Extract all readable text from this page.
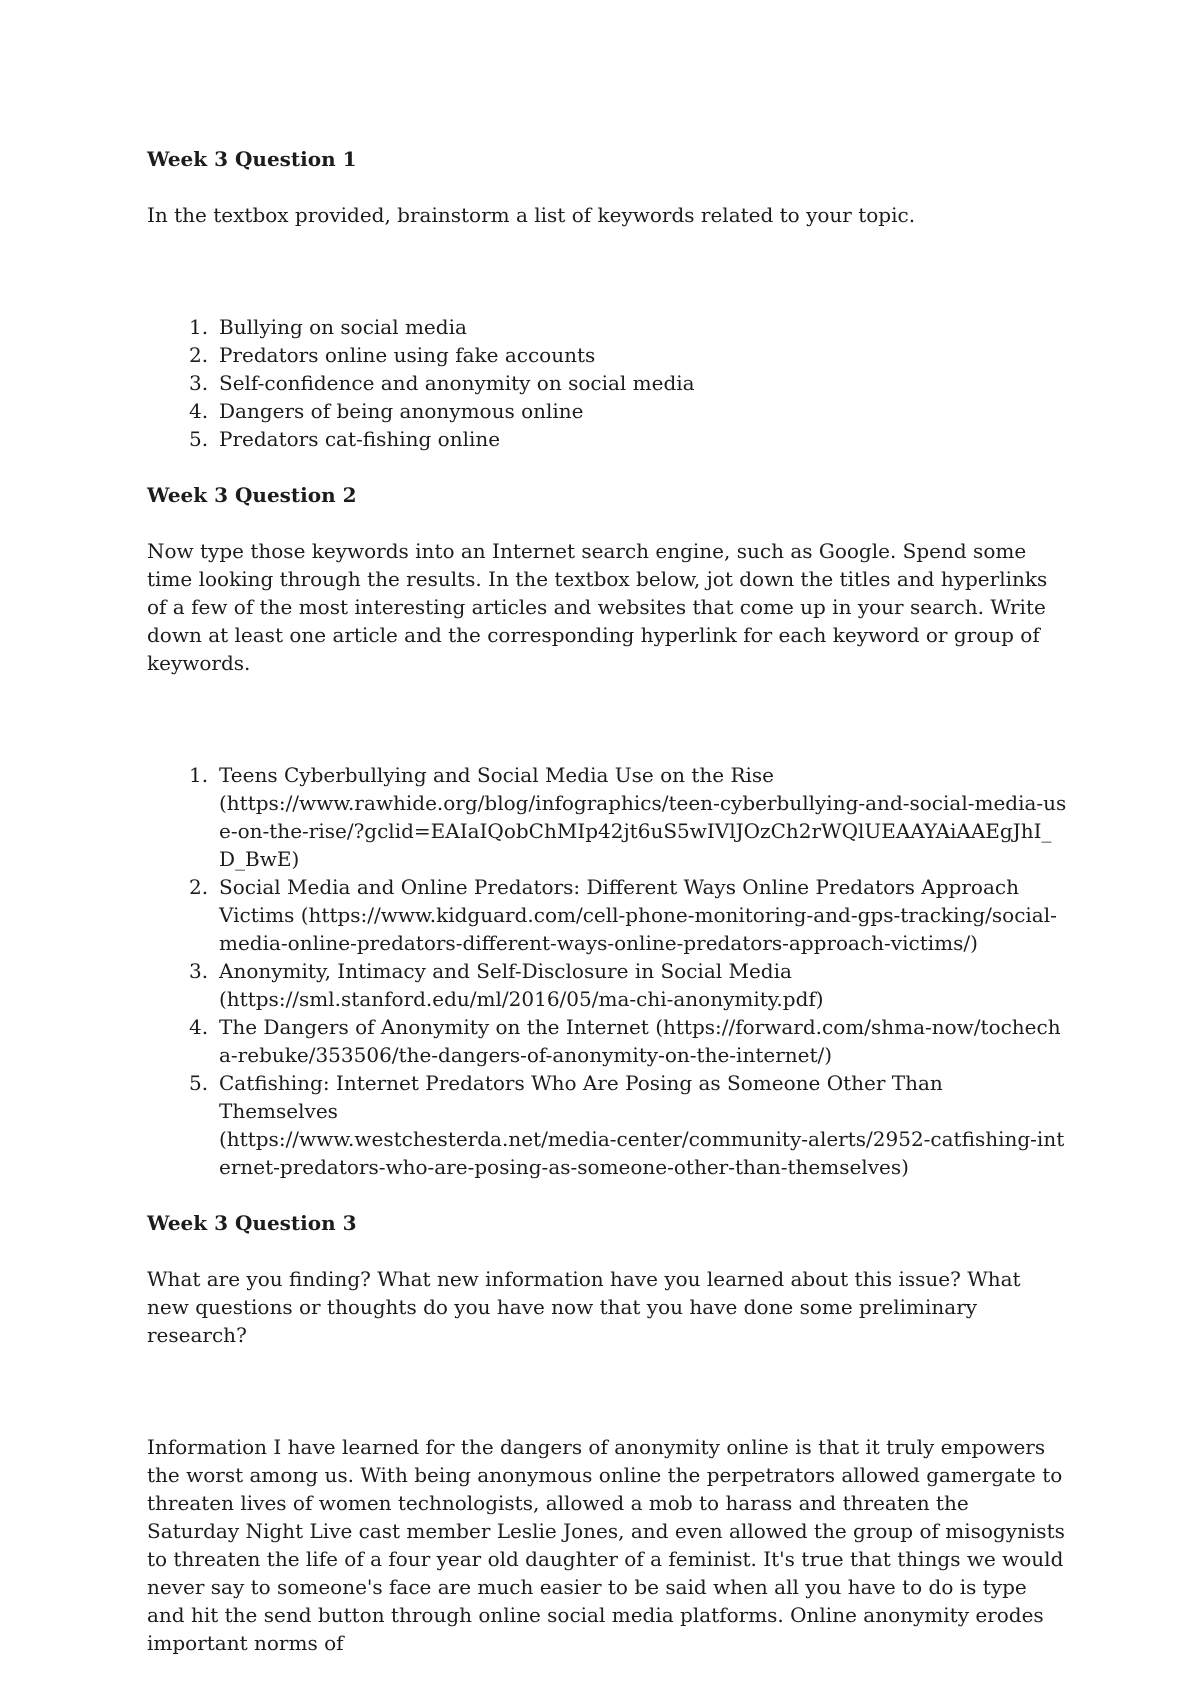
Week 3 Question 1

In the textbox provided, brainstorm a list of keywords related to your topic.

1. Bullying on social media
2. Predators online using fake accounts
3. Self-confidence and anonymity on social media
4. Dangers of being anonymous online
5. Predators cat-fishing online

Week 3 Question 2

Now type those keywords into an Internet search engine, such as Google. Spend some time looking through the results. In the textbox below, jot down the titles and hyperlinks of a few of the most interesting articles and websites that come up in your search. Write down at least one article and the corresponding hyperlink for each keyword or group of keywords.

1. Teens Cyberbullying and Social Media Use on the Rise
(https://www.rawhide.org/blog/infographics/teen-cyberbullying-and-social-media-use-on-the-rise/?gclid=EAIaIQobChMIp42jt6uS5wIVlJOzCh2rWQlUEAAYAiAAEgJhI_D_BwE)
2. Social Media and Online Predators: Different Ways Online Predators Approach Victims (https://www.kidguard.com/cell-phone-monitoring-and-gps-tracking/social-media-online-predators-different-ways-online-predators-approach-victims/)
3. Anonymity, Intimacy and Self-Disclosure in Social Media
(https://sml.stanford.edu/ml/2016/05/ma-chi-anonymity.pdf)
4. The Dangers of Anonymity on the Internet (https://forward.com/shma-now/tochecha-rebuke/353506/the-dangers-of-anonymity-on-the-internet/)
5. Catfishing: Internet Predators Who Are Posing as Someone Other Than Themselves
(https://www.westchesterda.net/media-center/community-alerts/2952-catfishing-internet-predators-who-are-posing-as-someone-other-than-themselves)

Week 3 Question 3

What are you finding? What new information have you learned about this issue? What new questions or thoughts do you have now that you have done some preliminary research?

Information I have learned for the dangers of anonymity online is that it truly empowers the worst among us. With being anonymous online the perpetrators allowed gamergate to threaten lives of women technologists, allowed a mob to harass and threaten the Saturday Night Live cast member Leslie Jones, and even allowed the group of misogynists to threaten the life of a four year old daughter of a feminist. It's true that things we would never say to someone's face are much easier to be said when all you have to do is type and hit the send button through online social media platforms. Online anonymity erodes important norms of
